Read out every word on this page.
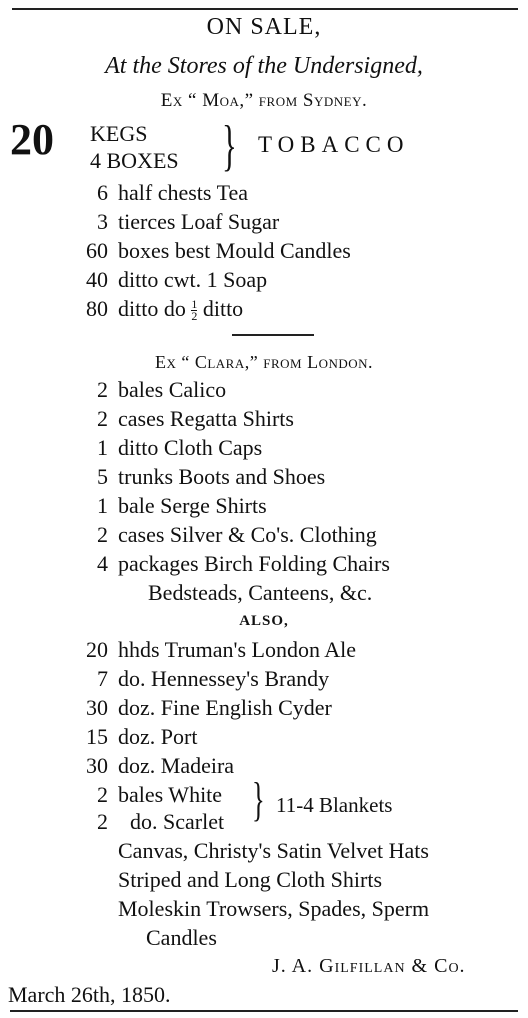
ON SALE,
At the Stores of the Undersigned,
Ex “ Moa,” from Sydney.
20 KEGS
4 BOXES } TOBACCO
6 half chests Tea
3 tierces Loaf Sugar
60 boxes best Mould Candles
40 ditto cwt. 1 Soap
80 ditto do $\frac{1}{2}$ ditto
Ex “ Clara,” from London.
2 bales Calico
2 cases Regatta Shirts
1 ditto Cloth Caps
5 trunks Boots and Shoes
1 bale Serge Shirts
2 cases Silver & Co's. Clothing
4 packages Birch Folding Chairs
Bedsteads, Canteens, &c.
ALSO,
20 hhds Truman's London Ale
7 do. Hennessey's Brandy
30 doz. Fine English Cyder
15 doz. Port
30 doz. Madeira
2 bales White
2 do. Scarlet } 11-4 Blankets
Canvas, Christy's Satin Velvet Hats
Striped and Long Cloth Shirts
Moleskin Trowsers, Spades, Sperm
Candles
J. A. Gilfillan & Co.
March 26th, 1850.
